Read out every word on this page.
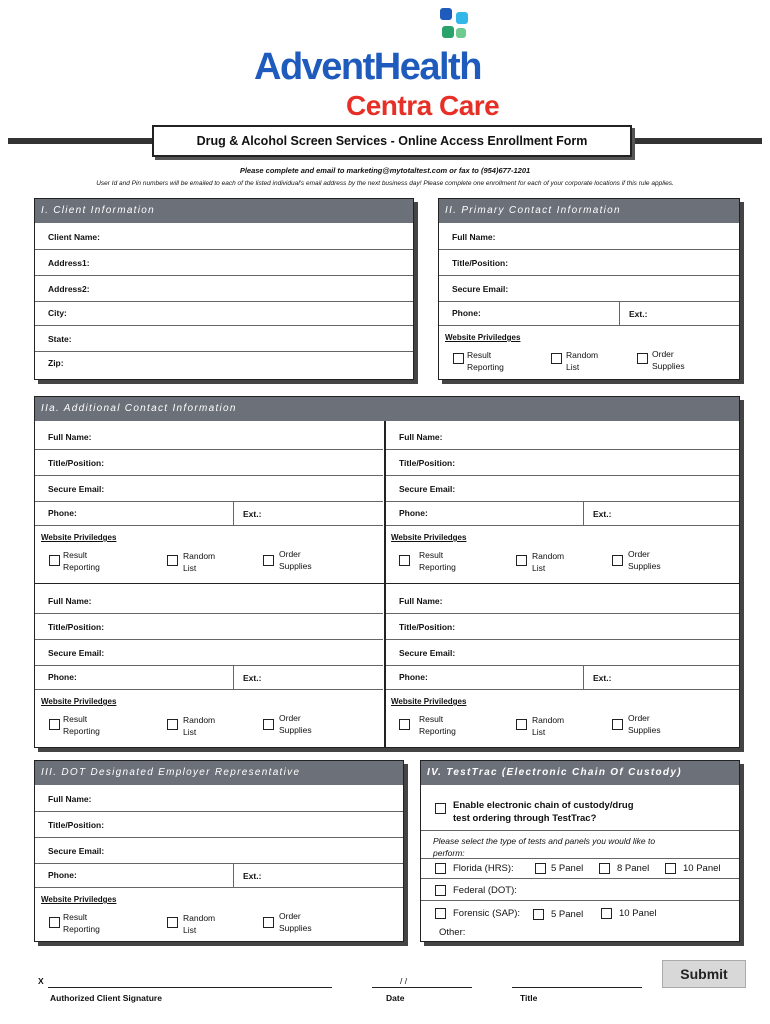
AdventHealth
Centra Care
Drug & Alcohol Screen Services - Online Access Enrollment Form
Please complete and email to marketing@mytotaltest.com or fax to (954)677-1201
User Id and Pin numbers will be emailed to each of the listed individual's email address by the next business day! Please complete one enrollment for each of your corporate locations if this rule applies.
I. Client Information
Client Name:
Address1:
Address2:
City:
State:
Zip:
II. Primary Contact Information
Full Name:
Title/Position:
Secure Email:
Phone:	Ext.:
Website Priviledges
Result
Reporting
Random
List
Order
Supplies
IIa. Additional Contact Information
Full Name:
Title/Position:
Secure Email:
Phone:	Ext.:
Website Priviledges
Result
Reporting
Random
List
Order
Supplies
Full Name:
Title/Position:
Secure Email:
Phone:	Ext.:
Website Priviledges
Result
Reporting
Random
List
Order
Supplies
Full Name:
Title/Position:
Secure Email:
Phone:	Ext.:
Website Priviledges
Result
Reporting
Random
List
Order
Supplies
Full Name:
Title/Position:
Secure Email:
Phone:	Ext.:
Website Priviledges
Result
Reporting
Random
List
Order
Supplies
III. DOT Designated Employer Representative
Full Name:
Title/Position:
Secure Email:
Phone:	Ext.:
Website Priviledges
Result
Reporting
Random
List
Order
Supplies
IV. TestTrac (Electronic Chain Of Custody)
Enable electronic chain of custody/drug
test ordering through TestTrac?
Please select the type of tests and panels you would like to
perform:
Florida (HRS):	5 Panel	8 Panel	10 Panel
Federal (DOT):
Forensic (SAP):	5 Panel	10 Panel
Other:
X
Authorized Client Signature
/ /
Date	Title
Submit
